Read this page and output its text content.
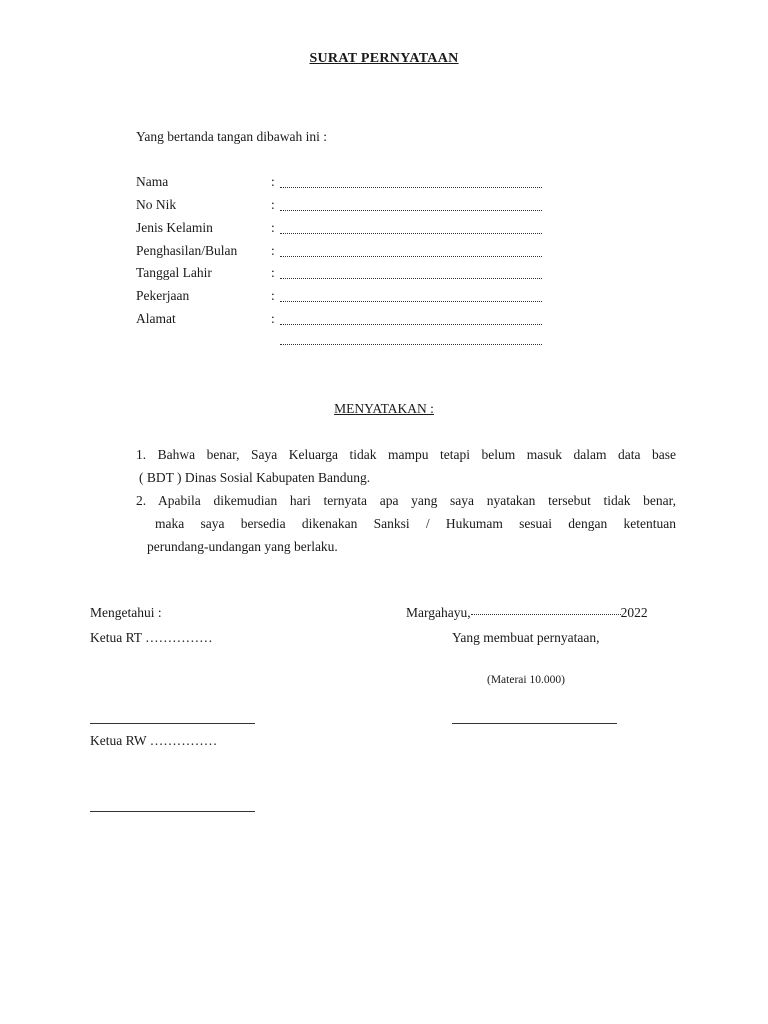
SURAT PERNYATAAN
Yang bertanda tangan dibawah ini :
Nama	:
No Nik	:
Jenis Kelamin	:
Penghasilan/Bulan	:
Tanggal Lahir	:
Pekerjaan	:
Alamat	:
MENYATAKAN :

1. Bahwa benar, Saya Keluarga tidak mampu tetapi belum masuk dalam data base

( BDT ) Dinas Sosial Kabupaten Bandung.

2. Apabila dikemudian hari ternyata apa yang saya nyatakan tersebut tidak benar,

maka saya bersedia dikenakan Sanksi / Hukumam sesuai dengan ketentuan

perundang-undangan yang berlaku.

Mengetahui :
Ketua RT ……………
Margahayu,	2022
Yang membuat pernyataan,
(Materai 10.000)
Ketua RW ……………
